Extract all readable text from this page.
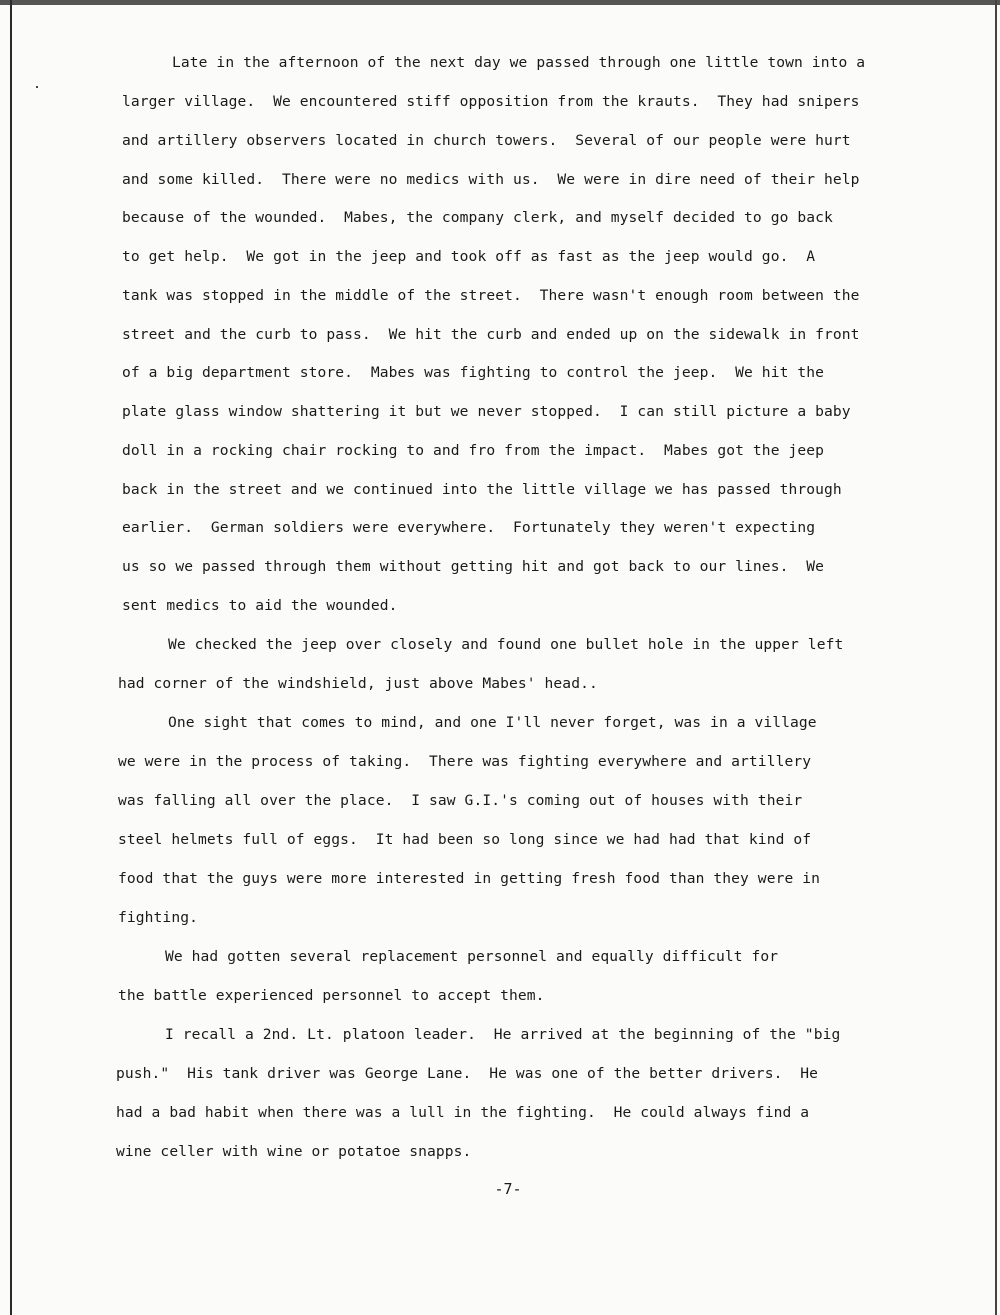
Late in the afternoon of the next day we passed through one little town into a
larger village.  We encountered stiff opposition from the krauts.  They had snipers
and artillery observers located in church towers.  Several of our people were hurt
and some killed.  There were no medics with us.  We were in dire need of their help
because of the wounded.  Mabes, the company clerk, and myself decided to go back
to get help.  We got in the jeep and took off as fast as the jeep would go.  A
tank was stopped in the middle of the street.  There wasn't enough room between the
street and the curb to pass.  We hit the curb and ended up on the sidewalk in front
of a big department store.  Mabes was fighting to control the jeep.  We hit the
plate glass window shattering it but we never stopped.  I can still picture a baby
doll in a rocking chair rocking to and fro from the impact.  Mabes got the jeep
back in the street and we continued into the little village we has passed through
earlier.  German soldiers were everywhere.  Fortunately they weren't expecting
us so we passed through them without getting hit and got back to our lines.  We
sent medics to aid the wounded.
We checked the jeep over closely and found one bullet hole in the upper left
had corner of the windshield, just above Mabes' head..
One sight that comes to mind, and one I'll never forget, was in a village
we were in the process of taking.  There was fighting everywhere and artillery
was falling all over the place.  I saw G.I.'s coming out of houses with their
steel helmets full of eggs.  It had been so long since we had had that kind of
food that the guys were more interested in getting fresh food than they were in
fighting.
We had gotten several replacement personnel and equally difficult for
the battle experienced personnel to accept them.
I recall a 2nd. Lt. platoon leader.  He arrived at the beginning of the "big
push."  His tank driver was George Lane.  He was one of the better drivers.  He
had a bad habit when there was a lull in the fighting.  He could always find a
wine celler with wine or potatoe snapps.
-7-
